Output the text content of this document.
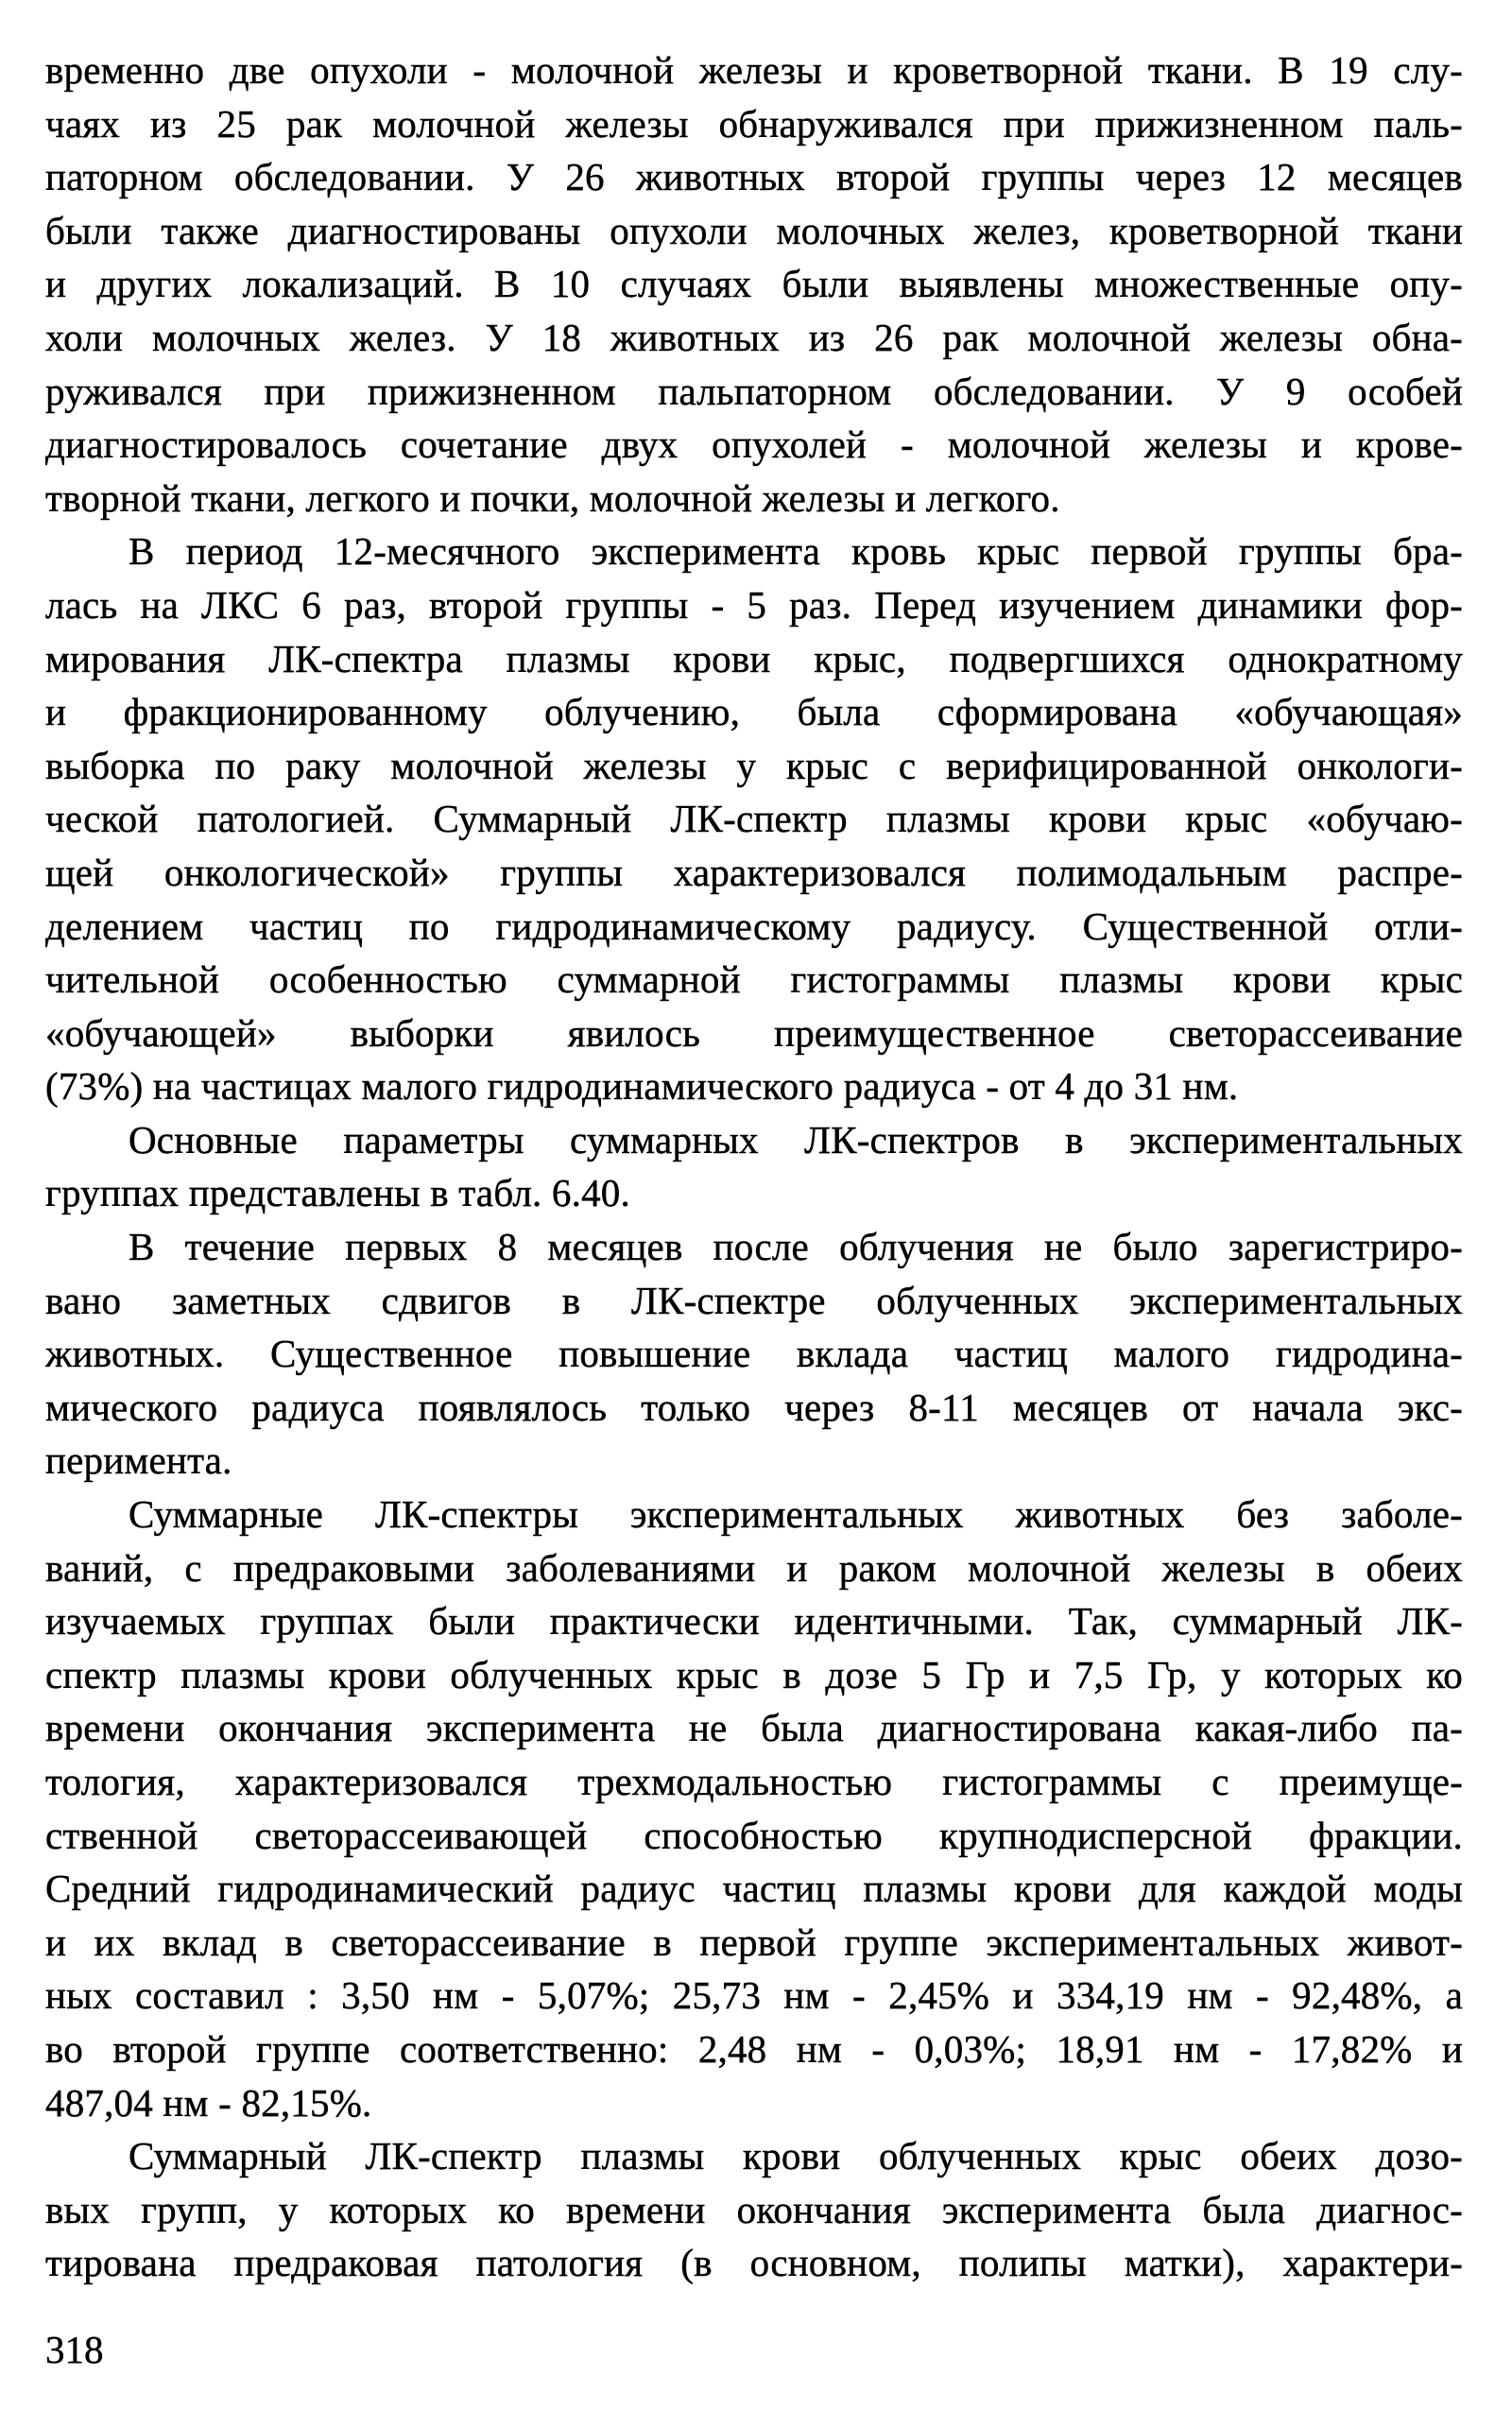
временно две опухоли - молочной железы и кроветворной ткани. В 19 слу-
чаях из 25 рак молочной железы обнаруживался при прижизненном паль-
паторном обследовании. У 26 животных второй группы через 12 месяцев
были также диагностированы опухоли молочных желез, кроветворной ткани
и других локализаций. В 10 случаях были выявлены множественные опу-
холи молочных желез. У 18 животных из 26 рак молочной железы обна-
руживался при прижизненном пальпаторном обследовании. У 9 особей
диагностировалось сочетание двух опухолей - молочной железы и крове-
творной ткани, легкого и почки, молочной железы и легкого.
В период 12-месячного эксперимента кровь крыс первой группы бра-
лась на ЛКС 6 раз, второй группы - 5 раз. Перед изучением динамики фор-
мирования ЛК-спектра плазмы крови крыс, подвергшихся однократному
и фракционированному облучению, была сформирована «обучающая»
выборка по раку молочной железы у крыс с верифицированной онкологи-
ческой патологией. Суммарный ЛК-спектр плазмы крови крыс «обучаю-
щей онкологической» группы характеризовался полимодальным распре-
делением частиц по гидродинамическому радиусу. Существенной отли-
чительной особенностью суммарной гистограммы плазмы крови крыс
«обучающей» выборки явилось преимущественное светорассеивание
(73%) на частицах малого гидродинамического радиуса - от 4 до 31 нм.
Основные параметры суммарных ЛК-спектров в экспериментальных
группах представлены в табл. 6.40.
В течение первых 8 месяцев после облучения не было зарегистриро-
вано заметных сдвигов в ЛК-спектре облученных экспериментальных
животных. Существенное повышение вклада частиц малого гидродина-
мического радиуса появлялось только через 8-11 месяцев от начала экс-
перимента.
Суммарные ЛК-спектры экспериментальных животных без заболе-
ваний, с предраковыми заболеваниями и раком молочной железы в обеих
изучаемых группах были практически идентичными. Так, суммарный ЛК-
спектр плазмы крови облученных крыс в дозе 5 Гр и 7,5 Гр, у которых ко
времени окончания эксперимента не была диагностирована какая-либо па-
тология, характеризовался трехмодальностью гистограммы с преимуще-
ственной светорассеивающей способностью крупнодисперсной фракции.
Средний гидродинамический радиус частиц плазмы крови для каждой моды
и их вклад в светорассеивание в первой группе экспериментальных живот-
ных составил : 3,50 нм - 5,07%; 25,73 нм - 2,45% и 334,19 нм - 92,48%, а
во второй группе соответственно: 2,48 нм - 0,03%; 18,91 нм - 17,82% и
487,04 нм - 82,15%.
Суммарный ЛК-спектр плазмы крови облученных крыс обеих дозо-
вых групп, у которых ко времени окончания эксперимента была диагнос-
тирована предраковая патология (в основном, полипы матки), характери-
318
